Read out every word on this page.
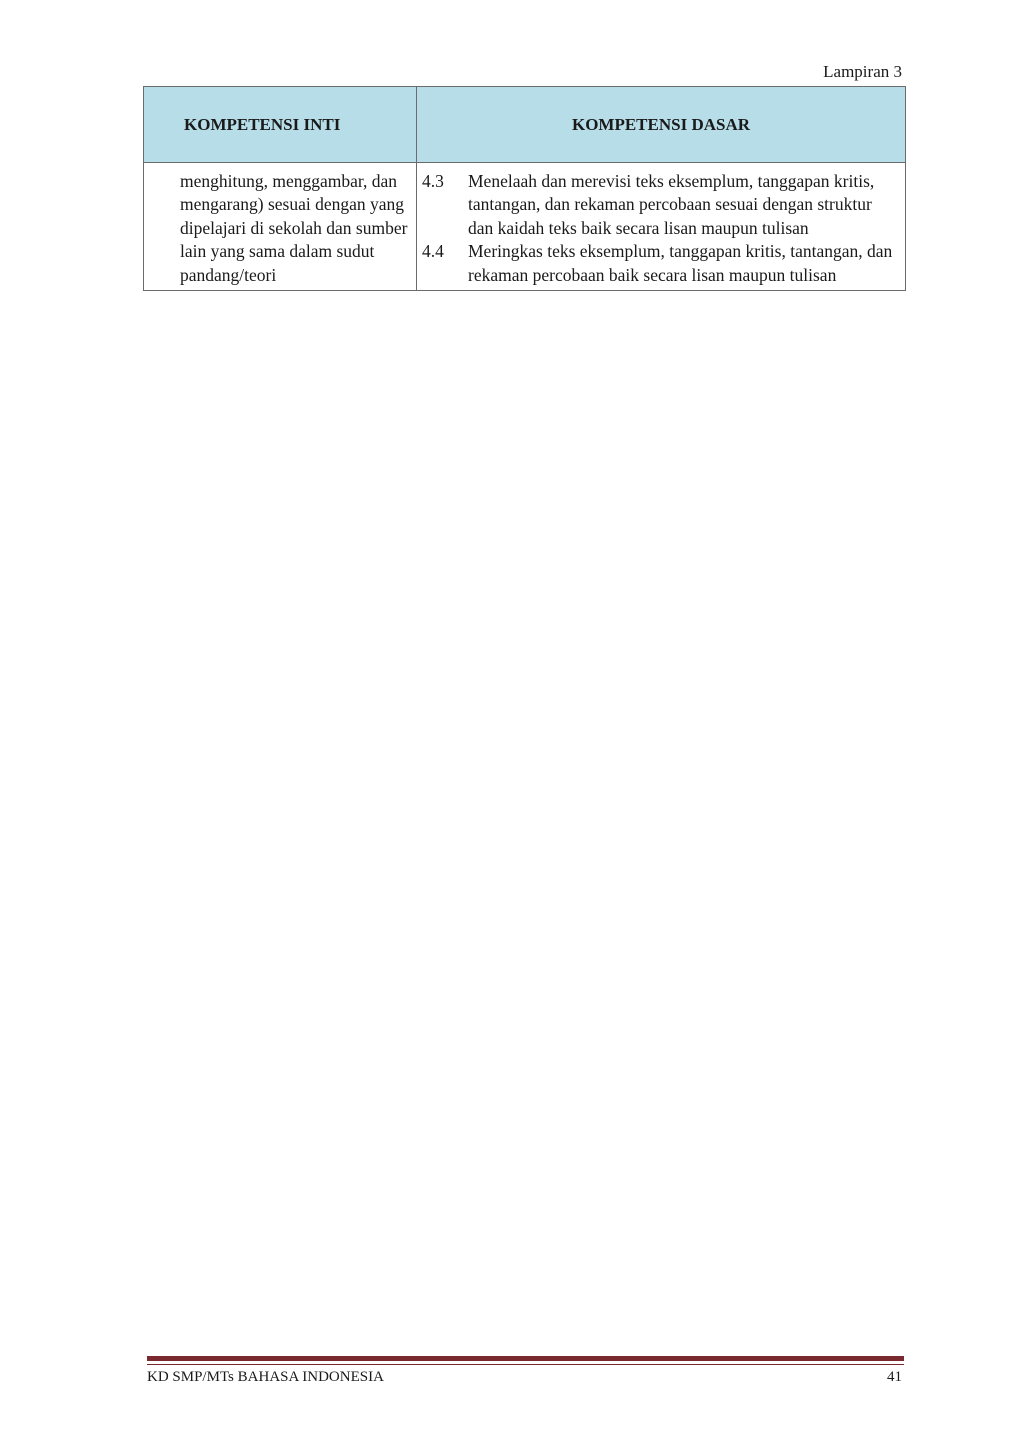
Lampiran 3
KOMPETENSI INTI	KOMPETENSI DASAR
menghitung, menggambar, dan mengarang) sesuai dengan yang dipelajari di sekolah dan sumber lain yang sama dalam sudut pandang/teori	4.3 Menelaah dan merevisi teks eksemplum, tanggapan kritis, tantangan, dan rekaman percobaan sesuai dengan struktur dan kaidah teks baik secara lisan maupun tulisan
4.4 Meringkas teks eksemplum, tanggapan kritis, tantangan, dan rekaman percobaan baik secara lisan maupun tulisan
KD SMP/MTs BAHASA INDONESIA	41
